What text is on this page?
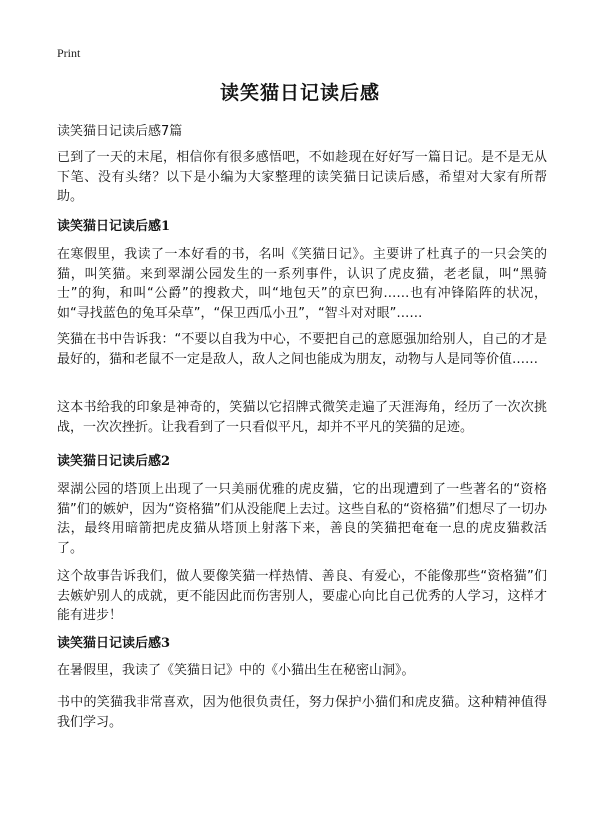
Print
读笑猫日记读后感
读笑猫日记读后感7篇
已到了一天的末尾，相信你有很多感悟吧，不如趁现在好好写一篇日记。是不是无从下笔、没有头绪？以下是小编为大家整理的读笑猫日记读后感，希望对大家有所帮助。
读笑猫日记读后感1
在寒假里，我读了一本好看的书，名叫《笑猫日记》。主要讲了杜真子的一只会笑的猫，叫笑猫。来到翠湖公园发生的一系列事件，认识了虎皮猫，老老鼠，叫“黑骑士”的狗，和叫“公爵”的搜救犬，叫“地包天”的京巴狗……也有冲锋陷阵的状况，如“寻找蓝色的兔耳朵草”，“保卫西瓜小丑”，“智斗对对眼”……
笑猫在书中告诉我：“不要以自我为中心，不要把自己的意愿强加给别人，自己的才是最好的，猫和老鼠不一定是敌人，敌人之间也能成为朋友，动物与人是同等价值……
这本书给我的印象是神奇的，笑猫以它招牌式微笑走遍了天涯海角，经历了一次次挑战，一次次挫折。让我看到了一只看似平凡，却并不平凡的笑猫的足迹。
读笑猫日记读后感2
翠湖公园的塔顶上出现了一只美丽优雅的虎皮猫，它的出现遭到了一些著名的“资格猫”们的嫉妒，因为“资格猫”们从没能爬上去过。这些自私的“资格猫”们想尽了一切办法，最终用暗箭把虎皮猫从塔顶上射落下来，善良的笑猫把奄奄一息的虎皮猫救活了。
这个故事告诉我们，做人要像笑猫一样热情、善良、有爱心，不能像那些“资格猫”们去嫉妒别人的成就，更不能因此而伤害别人，要虚心向比自己优秀的人学习，这样才能有进步！
读笑猫日记读后感3
在暑假里，我读了《笑猫日记》中的《小猫出生在秘密山洞》。
书中的笑猫我非常喜欢，因为他很负责任，努力保护小猫们和虎皮猫。这种精神值得我们学习。
